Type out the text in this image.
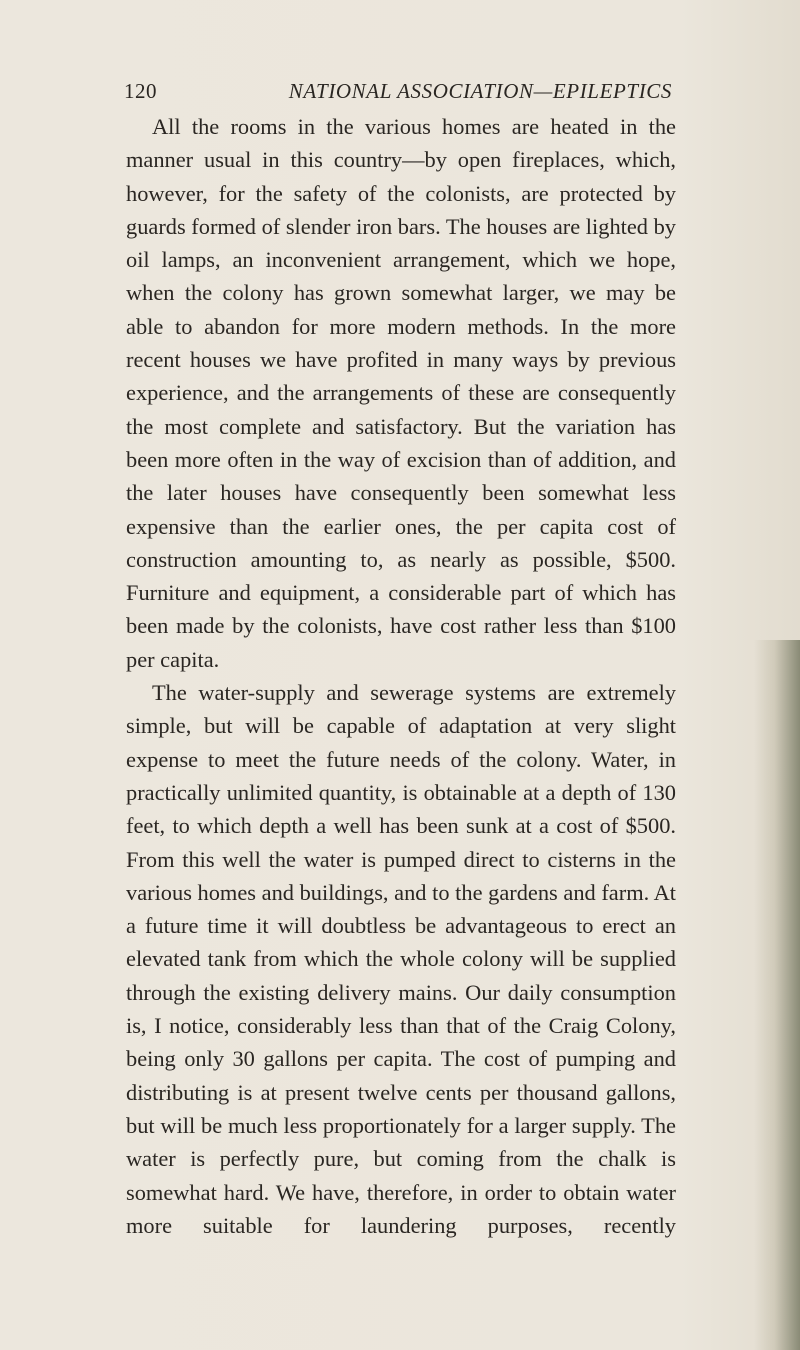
120	NATIONAL ASSOCIATION—EPILEPTICS

All the rooms in the various homes are heated in the manner usual in this country—by open fireplaces, which, however, for the safety of the colonists, are protected by guards formed of slender iron bars. The houses are lighted by oil lamps, an inconvenient arrangement, which we hope, when the colony has grown somewhat larger, we may be able to abandon for more modern methods. In the more recent houses we have profited in many ways by previous experience, and the arrangements of these are consequently the most complete and satisfactory. But the variation has been more often in the way of excision than of addition, and the later houses have consequently been somewhat less expensive than the earlier ones, the per capita cost of construction amounting to, as nearly as possible, $500. Furniture and equipment, a considerable part of which has been made by the colonists, have cost rather less than $100 per capita.

The water-supply and sewerage systems are extremely simple, but will be capable of adaptation at very slight expense to meet the future needs of the colony. Water, in practically unlimited quantity, is obtainable at a depth of 130 feet, to which depth a well has been sunk at a cost of $500. From this well the water is pumped direct to cisterns in the various homes and buildings, and to the gardens and farm. At a future time it will doubtless be advantageous to erect an elevated tank from which the whole colony will be supplied through the existing delivery mains. Our daily consumption is, I notice, considerably less than that of the Craig Colony, being only 30 gallons per capita. The cost of pumping and distributing is at present twelve cents per thousand gallons, but will be much less proportionately for a larger supply. The water is perfectly pure, but coming from the chalk is somewhat hard. We have, therefore, in order to obtain water more suitable for laundering purposes, recently
